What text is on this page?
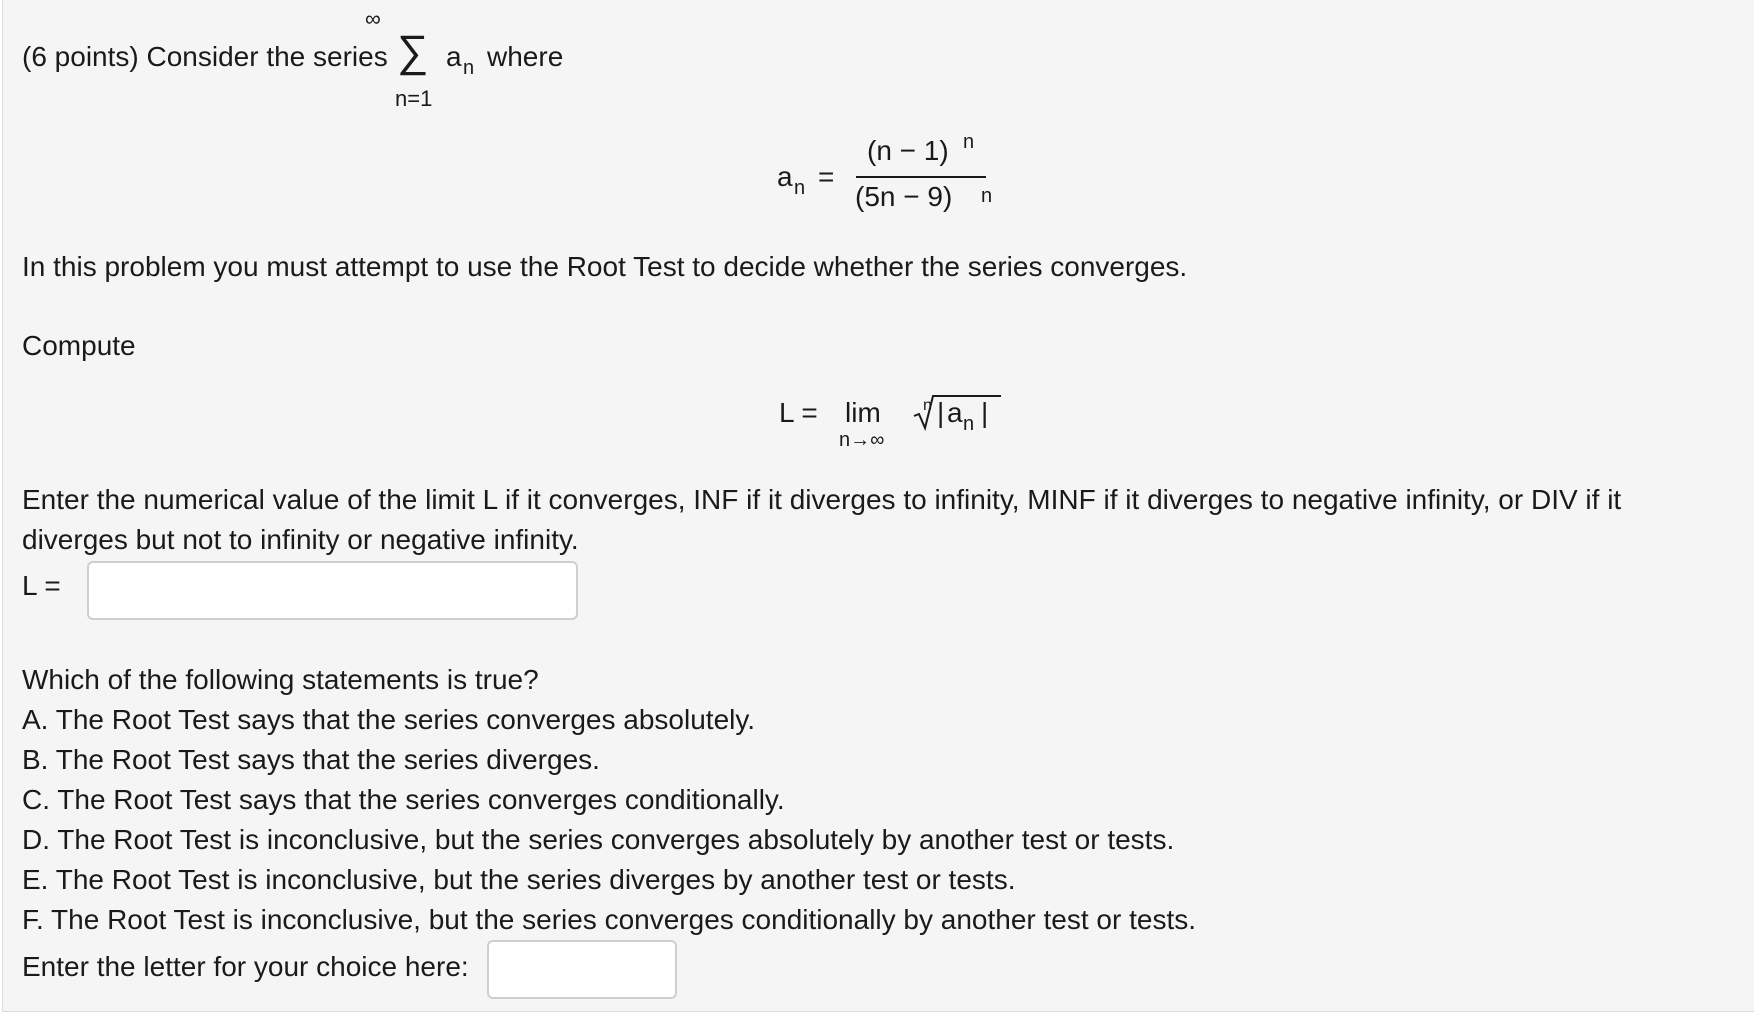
(6 points) Consider the series
∞
∑
n=1
a n where
a n =
(n − 1) n
(5n − 9) n
In this problem you must attempt to use the Root Test to decide whether the series converges.
Compute
L = lim
n→∞
n | a n |
Enter the numerical value of the limit L if it converges, INF if it diverges to infinity, MINF if it diverges to negative infinity, or DIV if it
diverges but not to infinity or negative infinity.
L =
Which of the following statements is true?
A. The Root Test says that the series converges absolutely.
B. The Root Test says that the series diverges.
C. The Root Test says that the series converges conditionally.
D. The Root Test is inconclusive, but the series converges absolutely by another test or tests.
E. The Root Test is inconclusive, but the series diverges by another test or tests.
F. The Root Test is inconclusive, but the series converges conditionally by another test or tests.
Enter the letter for your choice here:
